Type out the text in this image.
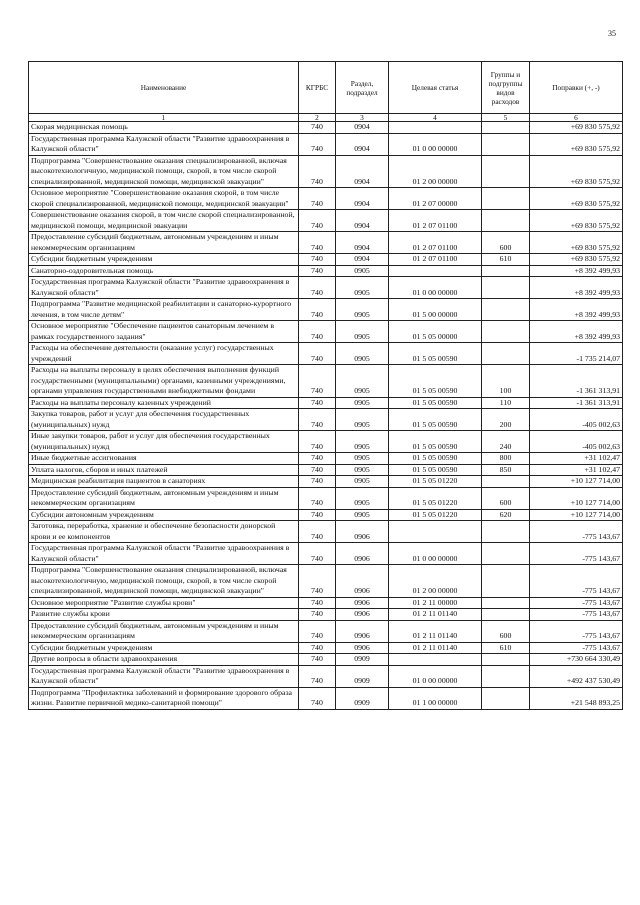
35
Наименование	КГРБС	Раздел, подраздел	Целевая статья	Группы и подгруппы видов расходов	Поправки (+, -)
1	2	3	4	5	6
Скорая медицинская помощь	740	0904			+69 830 575,92
Государственная программа Калужской области "Развитие здравоохранения в Калужской области"	740	0904	01 0 00 00000		+69 830 575,92
Подпрограмма "Совершенствование оказания специализированной, включая высокотехнологичную, медицинской помощи, скорой, в том числе скорой специализированной, медицинской помощи, медицинской эвакуации"	740	0904	01 2 00 00000		+69 830 575,92
Основное мероприятие "Совершенствование оказания скорой, в том числе скорой специализированной, медицинской помощи, медицинской эвакуации"	740	0904	01 2 07 00000		+69 830 575,92
Совершенствование оказания скорой, в том числе скорой специализированной, медицинской помощи, медицинской эвакуации	740	0904	01 2 07 01100		+69 830 575,92
Предоставление субсидий бюджетным, автономным учреждениям и иным некоммерческим организациям	740	0904	01 2 07 01100	600	+69 830 575,92
Субсидии бюджетным учреждениям	740	0904	01 2 07 01100	610	+69 830 575,92
Санаторно-оздоровительная помощь	740	0905			+8 392 499,93
Государственная программа Калужской области "Развитие здравоохранения в Калужской области"	740	0905	01 0 00 00000		+8 392 499,93
Подпрограмма "Развитие медицинской реабилитации и санаторно-курортного лечения, в том числе детям"	740	0905	01 5 00 00000		+8 392 499,93
Основное мероприятие "Обеспечение пациентов санаторным лечением в рамках государственного задания"	740	0905	01 5 05 00000		+8 392 499,93
Расходы на обеспечение деятельности (оказание услуг) государственных учреждений	740	0905	01 5 05 00590		-1 735 214,07
Расходы на выплаты персоналу в целях обеспечения выполнения функций государственными (муниципальными) органами, казенными учреждениями, органами управления государственными внебюджетными фондами	740	0905	01 5 05 00590	100	-1 361 313,91
Расходы на выплаты персоналу казенных учреждений	740	0905	01 5 05 00590	110	-1 361 313,91
Закупка товаров, работ и услуг для обеспечения государственных (муниципальных) нужд	740	0905	01 5 05 00590	200	-405 002,63
Иные закупки товаров, работ и услуг для обеспечения государственных (муниципальных) нужд	740	0905	01 5 05 00590	240	-405 002,63
Иные бюджетные ассигнования	740	0905	01 5 05 00590	800	+31 102,47
Уплата налогов, сборов и иных платежей	740	0905	01 5 05 00590	850	+31 102,47
Медицинская реабилитация пациентов в санаториях	740	0905	01 5 05 01220		+10 127 714,00
Предоставление субсидий бюджетным, автономным учреждениям и иным некоммерческим организациям	740	0905	01 5 05 01220	600	+10 127 714,00
Субсидии автономным учреждениям	740	0905	01 5 05 01220	620	+10 127 714,00
Заготовка, переработка, хранение и обеспечение безопасности донорской крови и ее компонентов	740	0906			-775 143,67
Государственная программа Калужской области "Развитие здравоохранения в Калужской области"	740	0906	01 0 00 00000		-775 143,67
Подпрограмма "Совершенствование оказания специализированной, включая высокотехнологичную, медицинской помощи, скорой, в том числе скорой специализированной, медицинской помощи, медицинской эвакуации"	740	0906	01 2 00 00000		-775 143,67
Основное мероприятие "Развитие службы крови"	740	0906	01 2 11 00000		-775 143,67
Развитие службы крови	740	0906	01 2 11 01140		-775 143,67
Предоставление субсидий бюджетным, автономным учреждениям и иным некоммерческим организациям	740	0906	01 2 11 01140	600	-775 143,67
Субсидии бюджетным учреждениям	740	0906	01 2 11 01140	610	-775 143,67
Другие вопросы в области здравоохранения	740	0909			+730 664 330,49
Государственная программа Калужской области "Развитие здравоохранения в Калужской области"	740	0909	01 0 00 00000		+492 437 530,49
Подпрограмма "Профилактика заболеваний и формирование здорового образа жизни. Развитие первичной медико-санитарной помощи"	740	0909	01 1 00 00000		+21 548 893,25
